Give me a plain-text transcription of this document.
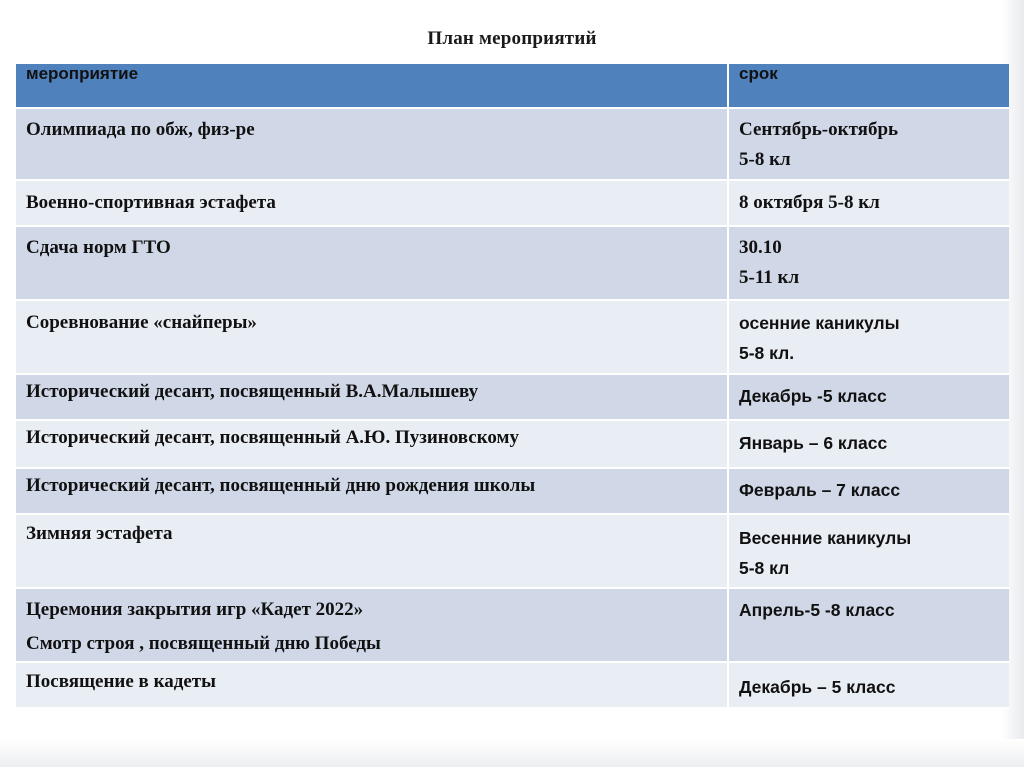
План мероприятий
мероприятие	срок

Олимпиада по обж, физ-ре	Сентябрь-октябрь
5-8 кл

Военно-спортивная эстафета	8 октября 5-8 кл

Сдача норм ГТО	30.10
5-11 кл

Соревнование «снайперы»	осенние каникулы
5-8 кл.

Исторический десант, посвященный В.А.Малышеву	Декабрь -5 класс

Исторический десант, посвященный А.Ю. Пузиновскому	Январь – 6 класс

Исторический десант, посвященный дню рождения школы	Февраль – 7 класс

Зимняя эстафета	Весенние каникулы
5-8 кл

Церемония закрытия игр «Кадет 2022»
Смотр строя , посвященный дню Победы	Апрель-5 -8 класс

Посвящение в кадеты	Декабрь – 5 класс
